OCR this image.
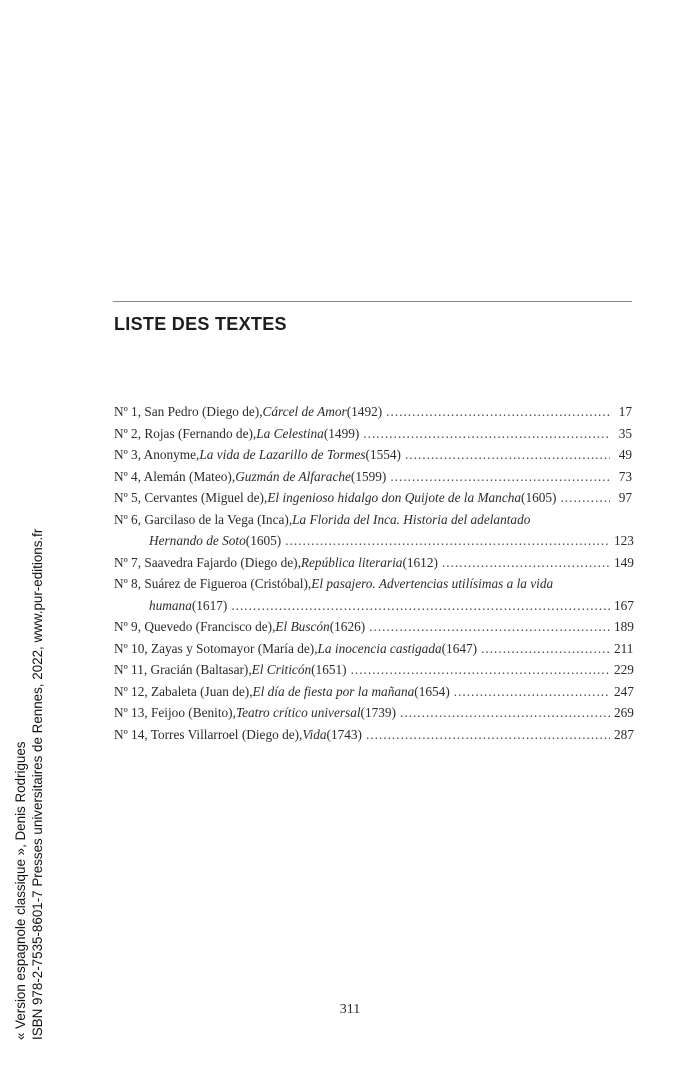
LISTE DES TEXTES
Nº 1, San Pedro (Diego de), Cárcel de Amor (1492) .....	17
Nº 2, Rojas (Fernando de), La Celestina (1499) .....	35
Nº 3, Anonyme, La vida de Lazarillo de Tormes (1554) .....	49
Nº 4, Alemán (Mateo), Guzmán de Alfarache (1599) .....	73
Nº 5, Cervantes (Miguel de), El ingenioso hidalgo don Quijote de la Mancha (1605) .....	97
Nº 6, Garcilaso de la Vega (Inca), La Florida del Inca. Historia del adelantado
Hernando de Soto (1605) .....	123
Nº 7, Saavedra Fajardo (Diego de), República literaria (1612) .....	149
Nº 8, Suárez de Figueroa (Cristóbal), El pasajero. Advertencias utilísimas a la vida
humana (1617) .....	167
Nº 9, Quevedo (Francisco de), El Buscón (1626) .....	189
Nº 10, Zayas y Sotomayor (María de), La inocencia castigada (1647) .....	211
Nº 11, Gracián (Baltasar), El Criticón (1651) .....	229
Nº 12, Zabaleta (Juan de), El día de fiesta por la mañana (1654) .....	247
Nº 13, Feijoo (Benito), Teatro crítico universal (1739) .....	269
Nº 14, Torres Villarroel (Diego de), Vida (1743) .....	287
311
« Version espagnole classique », Denis Rodrigues ISBN 978-2-7535-8601-7 Presses universitaires de Rennes, 2022, www.pur-editions.fr
